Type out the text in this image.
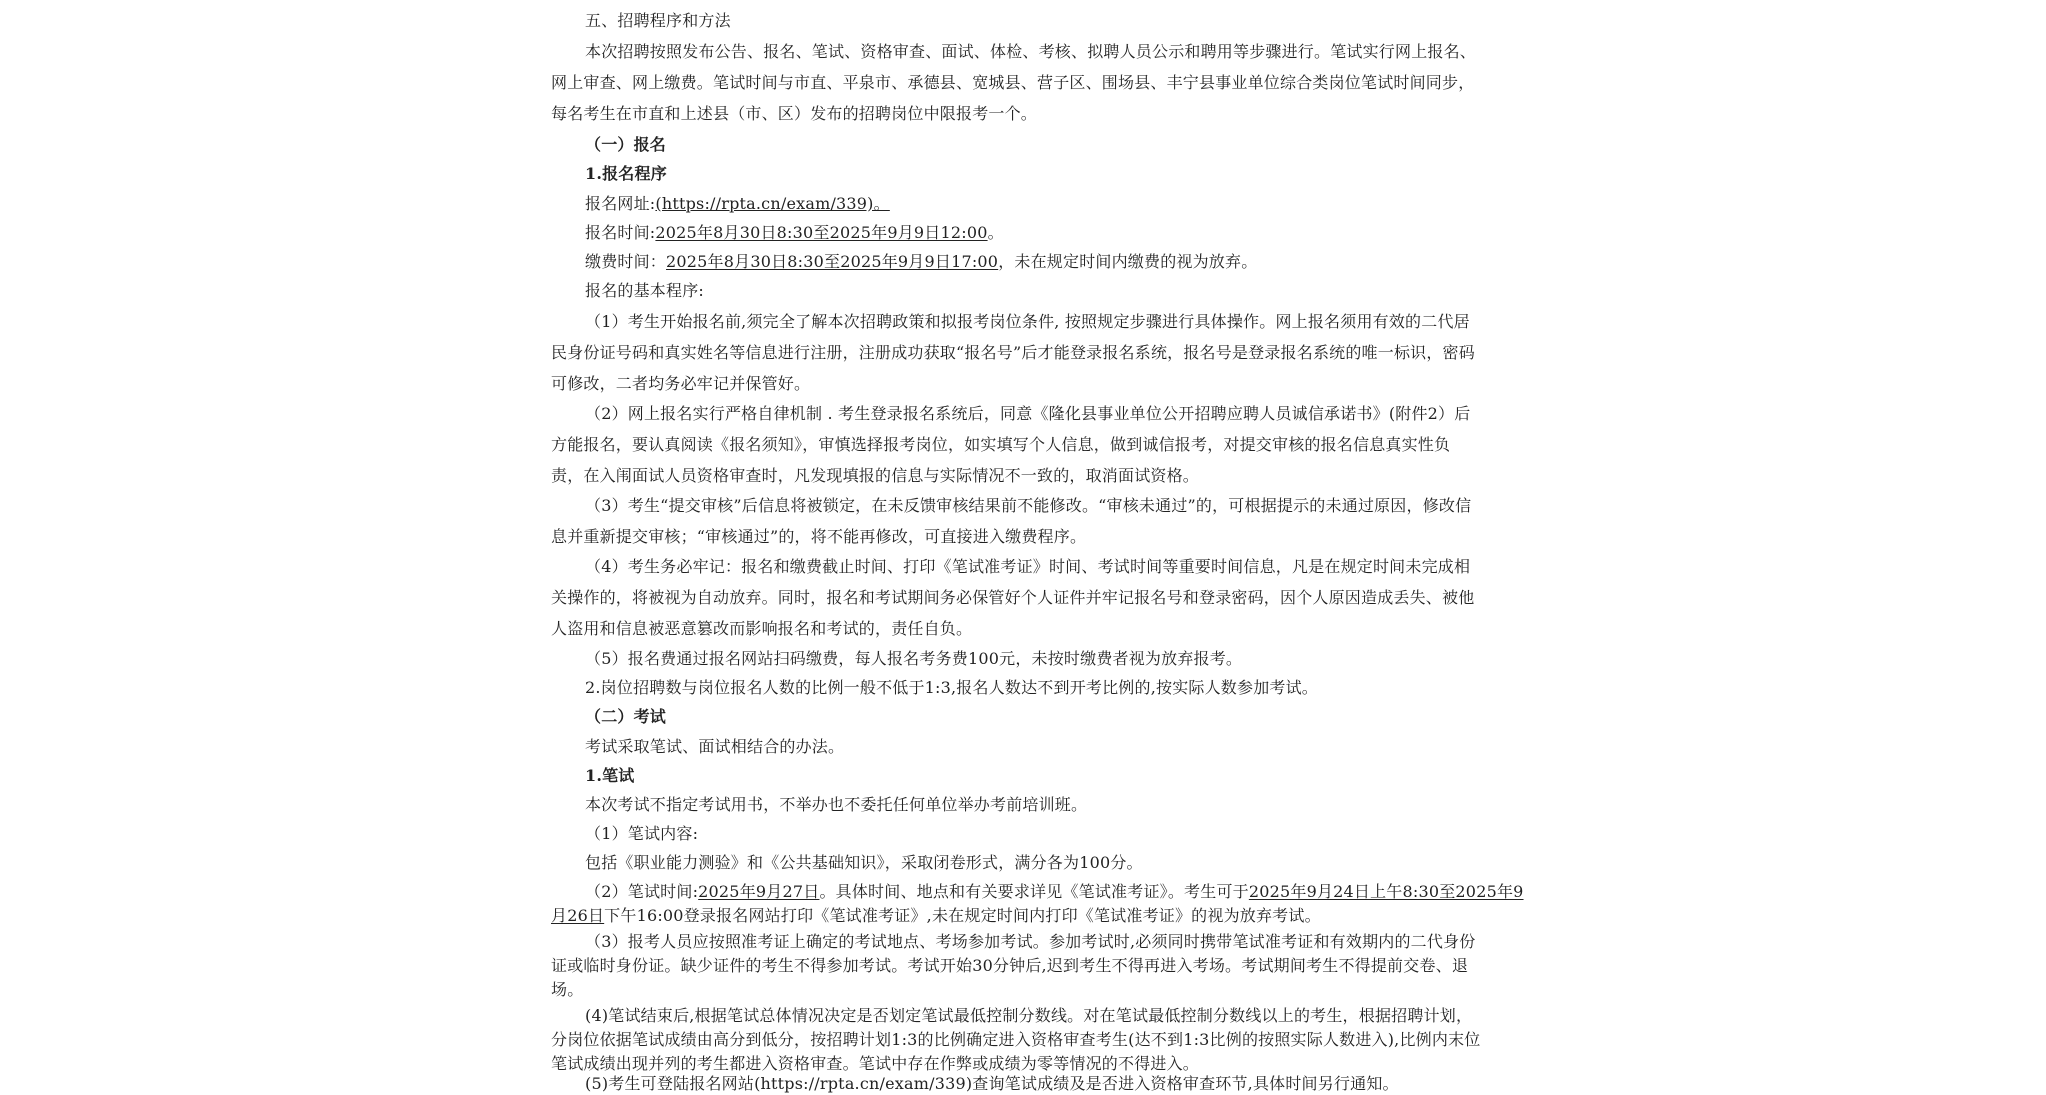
五、招聘程序和方法
本次招聘按照发布公告、报名、笔试、资格审查、面试、体检、考核、拟聘人员公示和聘用等步骤进行。笔试实行网上报名、
网上审查、网上缴费。笔试时间与市直、平泉市、承德县、宽城县、营子区、围场县、丰宁县事业单位综合类岗位笔试时间同步，
每名考生在市直和上述县（市、区）发布的招聘岗位中限报考一个。
（一）报名
1.报名程序
报名网址:(https://rpta.cn/exam/339)。
报名时间:2025年8月30日8:30至2025年9月9日12:00。
缴费时间：2025年8月30日8:30至2025年9月9日17:00，未在规定时间内缴费的视为放弃。
报名的基本程序:
（1）考生开始报名前,须完全了解本次招聘政策和拟报考岗位条件, 按照规定步骤进行具体操作。网上报名须用有效的二代居
民身份证号码和真实姓名等信息进行注册，注册成功获取“报名号”后才能登录报名系统，报名号是登录报名系统的唯一标识，密码
可修改，二者均务必牢记并保管好。
（2）网上报名实行严格自律机制 . 考生登录报名系统后，同意《隆化县事业单位公开招聘应聘人员诚信承诺书》(附件2）后
方能报名，要认真阅读《报名须知》，审慎选择报考岗位，如实填写个人信息，做到诚信报考，对提交审核的报名信息真实性负
责，在入闱面试人员资格审查时，凡发现填报的信息与实际情况不一致的，取消面试资格。
（3）考生“提交审核”后信息将被锁定，在未反馈审核结果前不能修改。“审核未通过”的，可根据提示的未通过原因，修改信
息并重新提交审核；“审核通过”的，将不能再修改，可直接进入缴费程序。
（4）考生务必牢记：报名和缴费截止时间、打印《笔试准考证》时间、考试时间等重要时间信息，凡是在规定时间未完成相
关操作的，将被视为自动放弃。同时，报名和考试期间务必保管好个人证件并牢记报名号和登录密码，因个人原因造成丢失、被他
人盗用和信息被恶意篡改而影响报名和考试的，责任自负。
（5）报名费通过报名网站扫码缴费，每人报名考务费100元，未按时缴费者视为放弃报考。
2.岗位招聘数与岗位报名人数的比例一般不低于1:3,报名人数达不到开考比例的,按实际人数参加考试。
（二）考试
考试采取笔试、面试相结合的办法。
1.笔试
本次考试不指定考试用书，不举办也不委托任何单位举办考前培训班。
（1）笔试内容:
包括《职业能力测验》和《公共基础知识》，采取闭卷形式，满分各为100分。
（2）笔试时间:2025年9月27日。具体时间、地点和有关要求详见《笔试准考证》。考生可于2025年9月24日上午8:30至2025年9
月26日下午16:00登录报名网站打印《笔试准考证》,未在规定时间内打印《笔试准考证》的视为放弃考试。
（3）报考人员应按照准考证上确定的考试地点、考场参加考试。参加考试时,必须同时携带笔试准考证和有效期内的二代身份
证或临时身份证。缺少证件的考生不得参加考试。考试开始30分钟后,迟到考生不得再进入考场。考试期间考生不得提前交卷、退
场。
(4)笔试结束后,根据笔试总体情况决定是否划定笔试最低控制分数线。对在笔试最低控制分数线以上的考生，根据招聘计划，
分岗位依据笔试成绩由高分到低分，按招聘计划1:3的比例确定进入资格审查考生(达不到1:3比例的按照实际人数进入),比例内末位
笔试成绩出现并列的考生都进入资格审查。笔试中存在作弊或成绩为零等情况的不得进入。
(5)考生可登陆报名网站(https://rpta.cn/exam/339)查询笔试成绩及是否进入资格审查环节,具体时间另行通知。
